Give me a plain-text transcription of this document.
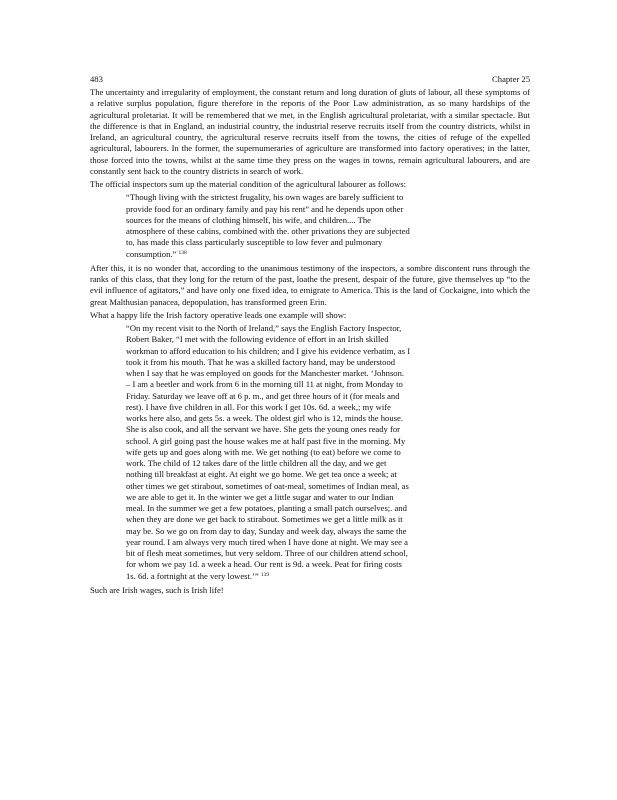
483	Chapter 25

The uncertainty and irregularity of employment, the constant return and long duration of gluts of labour, all these symptoms of a relative surplus population, figure therefore in the reports of the Poor Law administration, as so many hardships of the agricultural proletariat. It will be remembered that we met, in the English agricultural proletariat, with a similar spectacle. But the difference is that in England, an industrial country, the industrial reserve recruits itself from the country districts, whilst in Ireland, an agricultural country, the agricultural reserve recruits itself from the towns, the cities of refuge of the expelled agricultural, labourers. In the former, the supernumeraries of agriculture are transformed into factory operatives; in the latter, those forced into the towns, whilst at the same time they press on the wages in towns, remain agricultural labourers, and are constantly sent back to the country districts in search of work.

The official inspectors sum up the material condition of the agricultural labourer as follows:

“Though living with the strictest frugality, his own wages are barely sufficient to
provide food for an ordinary family and pay his rent” and he depends upon other
sources for the means of clothing himself, his wife, and children.... The
atmosphere of these cabins, combined with the. other privations they are subjected
to, has made this class particularly susceptible to low fever and pulmonary
consumption.” $^{138}$

After this, it is no wonder that, according to the unanimous testimony of the inspectors, a sombre discontent runs through the ranks of this class, that they long for the return of the past, loathe the present, despair of the future, give themselves up “to the evil influence of agitators,” and have only one fixed idea, to emigrate to America. This is the land of Cockaigne, into which the great Malthusian panacea, depopulation, has transformed green Erin.

What a happy life the Irish factory operative leads one example will show:

“On my recent visit to the North of Ireland,” says the English Factory Inspector,
Robert Baker, “I met with the following evidence of effort in an Irish skilled
workman to afford education to his children; and I give his evidence verbatim, as I
took it from his mouth. That he was a skilled factory hand, may be understood
when I say that he was employed on goods for the Manchester market. ‘Johnson.
– I am a beetler and work from 6 in the morning till 11 at night, from Monday to
Friday. Saturday we leave off at 6 p. m., and get three hours of it (for meals and
rest). I have five children in all. For this work I get 10s. 6d. a week,; my wife
works here also, and gets 5s. a week. The oldest girl who is 12, minds the house.
She is also cook, and all the servant we have. She gets the young ones ready for
school. A girl going past the house wakes me at half past five in the morning. My
wife gets up and goes along with me. We get nothing (to eat) before we come to
work. The child of 12 takes dare of the little children all the day, and we get
nothing till breakfast at eight. At eight we go home. We get tea once a week; at
other times we get stirabout, sometimes of oat-meal, sometimes of Indian meal, as
we are able to get it. In the winter we get a little sugar and water to our Indian
meal. In the summer we get a few potatoes, planting a small patch ourselves;. and
when they are done we get back to stirabout. Sometimes we get a little milk as it
may be. So we go on from day to day, Sunday and week day, always the same the
year round. I am always very much tired when I have done at night. We may see a
bit of flesh meat sometimes, but very seldom. Three of our children attend school,
for whom we pay 1d. a week a head. Our rent is 9d. a week. Peat for firing costs
1s. 6d. a fortnight at the very lowest.’” $^{139}$

Such are Irish wages, such is Irish life!
